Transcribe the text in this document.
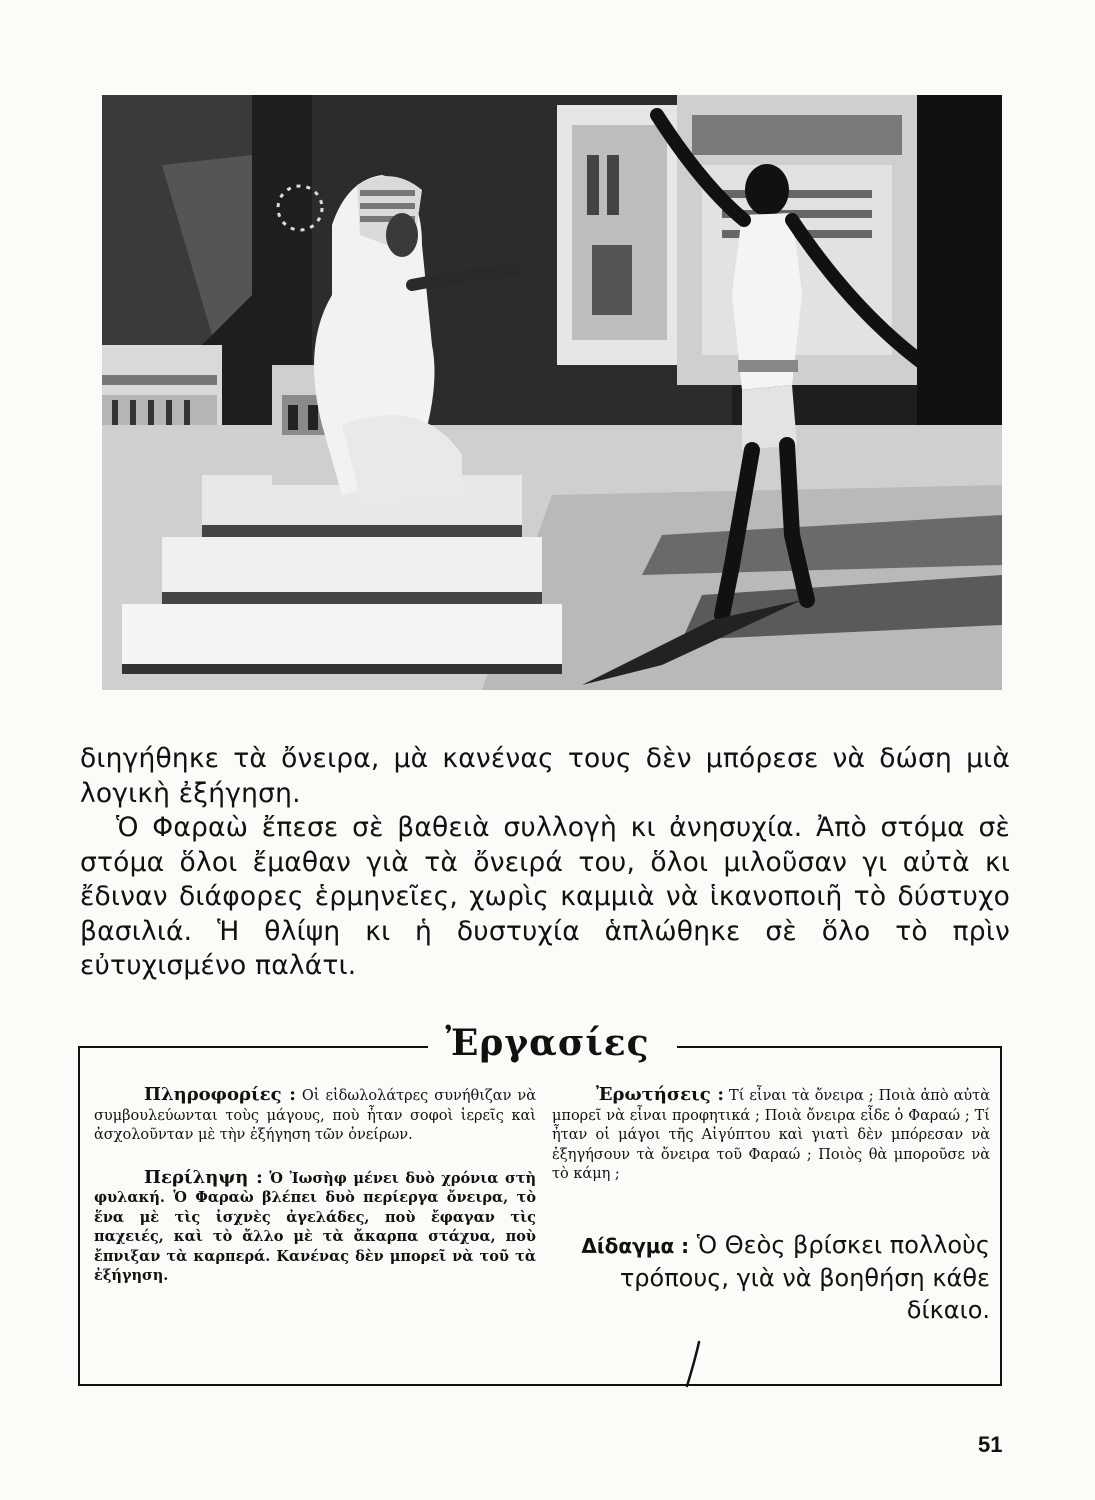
διηγήθηκε τὰ ὄνειρα, μὰ κανένας τους δὲν μπόρεσε νὰ δώση μιὰ λογικὴ ἐξήγηση.

Ὁ Φαραὼ ἔπεσε σὲ βαθειὰ συλλογὴ κι ἀνησυχία. Ἀπὸ στόμα σὲ στόμα ὅλοι ἔμαθαν γιὰ τὰ ὄνειρά του, ὅλοι μιλοῦσαν γι αὐτὰ κι ἔδιναν διάφορες ἑρμηνεῖες, χωρὶς καμμιὰ νὰ ἱκανοποιῆ τὸ δύστυχο βασιλιά. Ἡ θλίψη κι ἡ δυστυχία ἁπλώθηκε σὲ ὅλο τὸ πρὶν εὐτυχισμένο παλάτι.

Ἐργασίες

Πληροφορίες : Οἱ εἰδωλολάτρες συνήθιζαν νὰ συμβουλεύωνται τοὺς μάγους, ποὺ ἦταν σοφοὶ ἱερεῖς καὶ ἀσχολοῦνταν μὲ τὴν ἐξήγηση τῶν ὀνείρων.

Περίληψη : Ὁ Ἰωσὴφ μένει δυὸ χρόνια στὴ φυλακή. Ὁ Φαραὼ βλέπει δυὸ περίεργα ὄνειρα, τὸ ἕνα μὲ τὶς ἰσχνὲς ἀγελάδες, ποὺ ἔφαγαν τὶς παχειές, καὶ τὸ ἄλλο μὲ τὰ ἄκαρπα στάχυα, ποὺ ἔπνιξαν τὰ καρπερά. Κανένας δὲν μπορεῖ νὰ τοῦ τὰ ἐξήγηση.

Ἐρωτήσεις : Τί εἶναι τὰ ὄνειρα ; Ποιὰ ἀπὸ αὐτὰ μπορεῖ νὰ εἶναι προφητικά ; Ποιὰ ὄνειρα εἶδε ὁ Φαραώ ; Τί ἦταν οἱ μάγοι τῆς Αἰγύπτου καὶ γιατὶ δὲν μπόρεσαν νὰ ἐξηγήσουν τὰ ὄνειρα τοῦ Φαραώ ; Ποιὸς θὰ μποροῦσε νὰ τὸ κάμη ;

Δίδαγμα : Ὁ Θεὸς βρίσκει πολλοὺς τρόπους, γιὰ νὰ βοηθήση κάθε δίκαιο.

51
